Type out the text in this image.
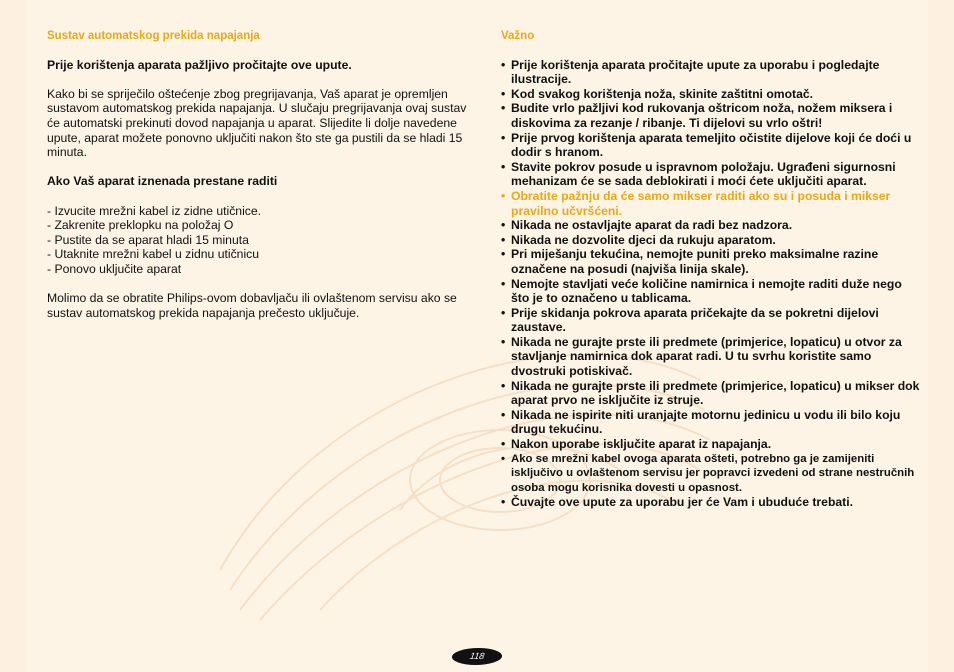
Sustav automatskog prekida napajanja

Prije korištenja aparata pažljivo pročitajte ove upute.

Kako bi se spriječilo oštećenje zbog pregrijavanja, Vaš aparat je opremljen sustavom automatskog prekida napajanja. U slučaju pregrijavanja ovaj sustav će automatski prekinuti dovod napajanja u aparat. Slijedite li dolje navedene upute, aparat možete ponovno uključiti nakon što ste ga pustili da se hladi 15 minuta.

Ako Vaš aparat iznenada prestane raditi

- Izvucite mrežni kabel iz zidne utičnice.
- Zakrenite preklopku na položaj O
- Pustite da se aparat hladi 15 minuta
- Utaknite mrežni kabel u zidnu utičnicu
- Ponovo uključite aparat

Molimo da se obratite Philips-ovom dobavljaču ili ovlaštenom servisu ako se sustav automatskog prekida napajanja prečesto uključuje.

Važno
• Prije korištenja aparata pročitajte upute za uporabu i pogledajte ilustracije.
• Kod svakog korištenja noža, skinite zaštitni omotač.
• Budite vrlo pažljivi kod rukovanja oštricom noža, nožem miksera i diskovima za rezanje / ribanje. Ti dijelovi su vrlo oštri!
• Prije prvog korištenja aparata temeljito očistite dijelove koji će doći u dodir s hranom.
• Stavite pokrov posude u ispravnom položaju. Ugrađeni sigurnosni mehanizam će se sada deblokirati i moći ćete uključiti aparat.
• Obratite pažnju da će samo mikser raditi ako su i posuda i mikser pravilno učvršćeni.
• Nikada ne ostavljajte aparat da radi bez nadzora.
• Nikada ne dozvolite djeci da rukuju aparatom.
• Pri miješanju tekućina, nemojte puniti preko maksimalne razine označene na posudi (najviša linija skale).
• Nemojte stavljati veće količine namirnica i nemojte raditi duže nego što je to označeno u tablicama.
• Prije skidanja pokrova aparata pričekajte da se pokretni dijelovi zaustave.
• Nikada ne gurajte prste ili predmete (primjerice, lopaticu) u otvor za stavljanje namirnica dok aparat radi. U tu svrhu koristite samo dvostruki potiskivač.
• Nikada ne gurajte prste ili predmete (primjerice, lopaticu) u mikser dok aparat prvo ne isključite iz struje.
• Nikada ne ispirite niti uranjajte motornu jedinicu u vodu ili bilo koju drugu tekućinu.
• Nakon uporabe isključite aparat iz napajanja.
• Ako se mrežni kabel ovoga aparata ošteti, potrebno ga je zamijeniti isključivo u ovlaštenom servisu jer popravci izvedeni od strane nestručnih osoba mogu korisnika dovesti u opasnost.
• Čuvajte ove upute za uporabu jer će Vam i ubuduće trebati.
118
